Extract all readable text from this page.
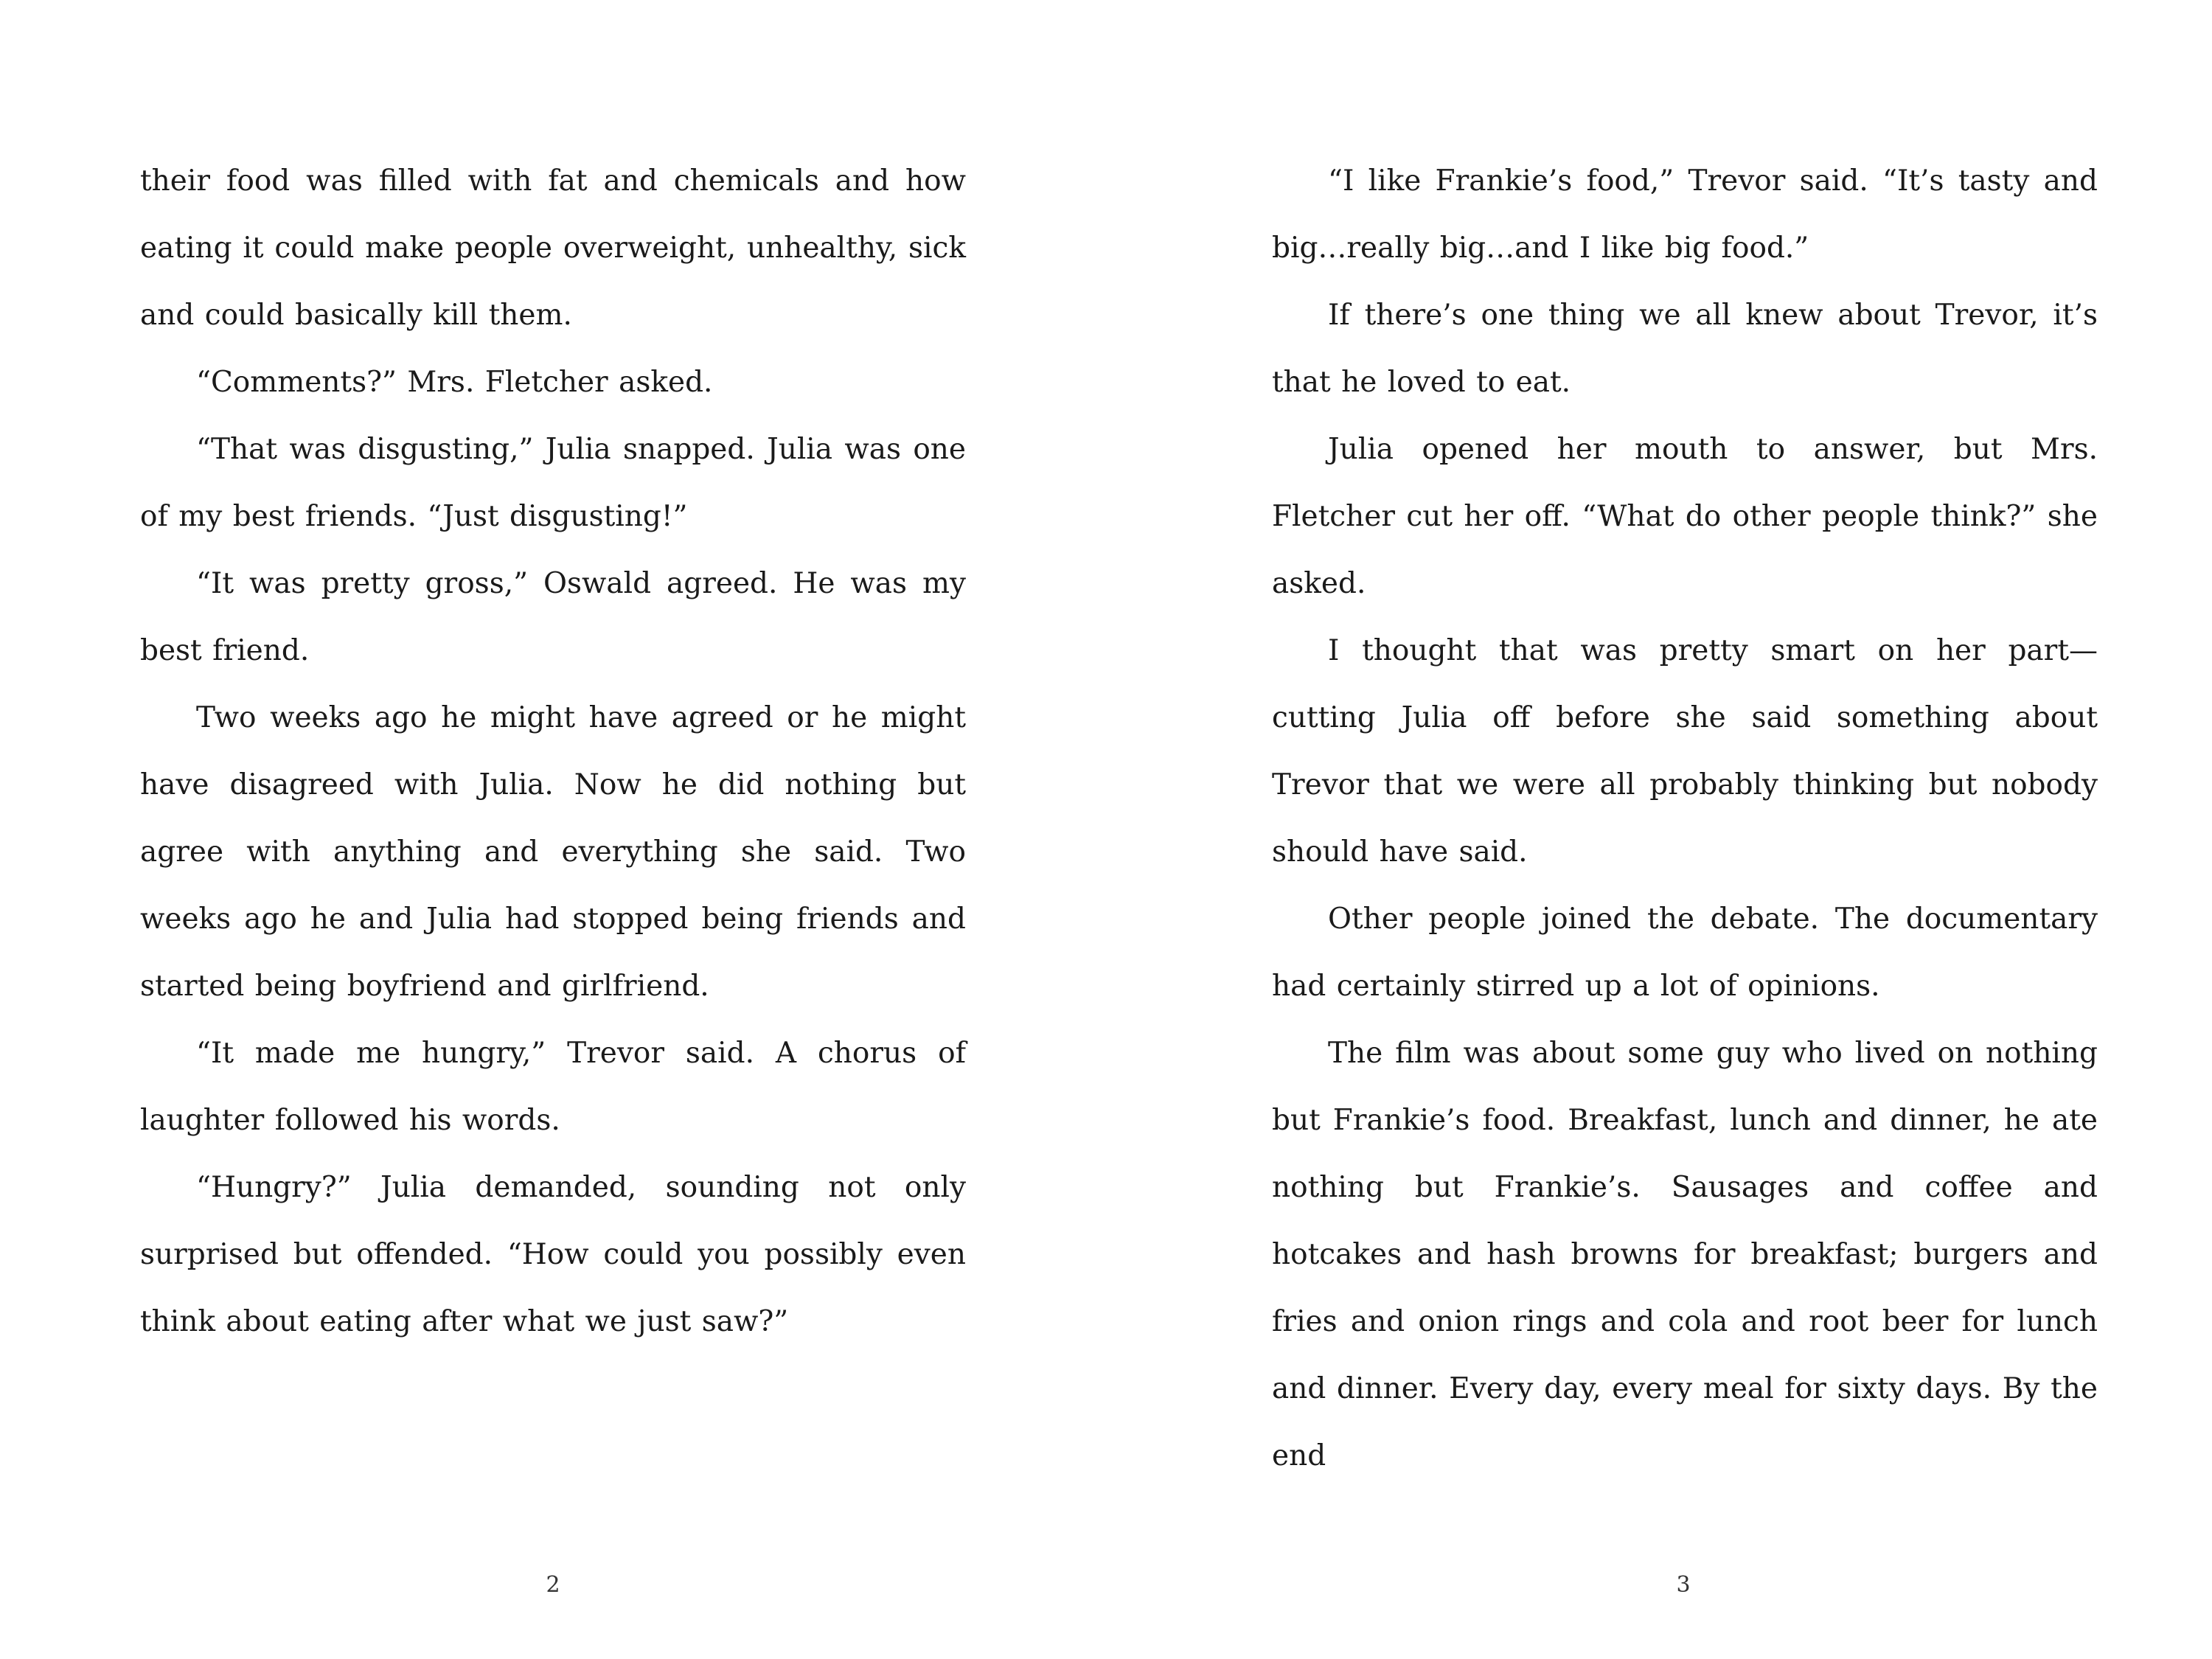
their food was filled with fat and chemicals and how eating it could make people overweight, unhealthy, sick and could basically kill them.

“Comments?” Mrs. Fletcher asked.

“That was disgusting,” Julia snapped. Julia was one of my best friends. “Just disgusting!”

“It was pretty gross,” Oswald agreed. He was my best friend.

Two weeks ago he might have agreed or he might have disagreed with Julia. Now he did nothing but agree with anything and everything she said. Two weeks ago he and Julia had stopped being friends and started being boyfriend and girlfriend.

“It made me hungry,” Trevor said. A chorus of laughter followed his words.

“Hungry?” Julia demanded, sounding not only surprised but offended. “How could you possibly even think about eating after what we just saw?”

“I like Frankie’s food,” Trevor said. “It’s tasty and big…really big…and I like big food.”

If there’s one thing we all knew about Trevor, it’s that he loved to eat.

Julia opened her mouth to answer, but Mrs. Fletcher cut her off. “What do other people think?” she asked.

I thought that was pretty smart on her part—cutting Julia off before she said something about Trevor that we were all probably thinking but nobody should have said.

Other people joined the debate. The documentary had certainly stirred up a lot of opinions.

The film was about some guy who lived on nothing but Frankie’s food. Breakfast, lunch and dinner, he ate nothing but Frankie’s. Sausages and coffee and hotcakes and hash browns for breakfast; burgers and fries and onion rings and cola and root beer for lunch and dinner. Every day, every meal for sixty days. By the end

2	3
